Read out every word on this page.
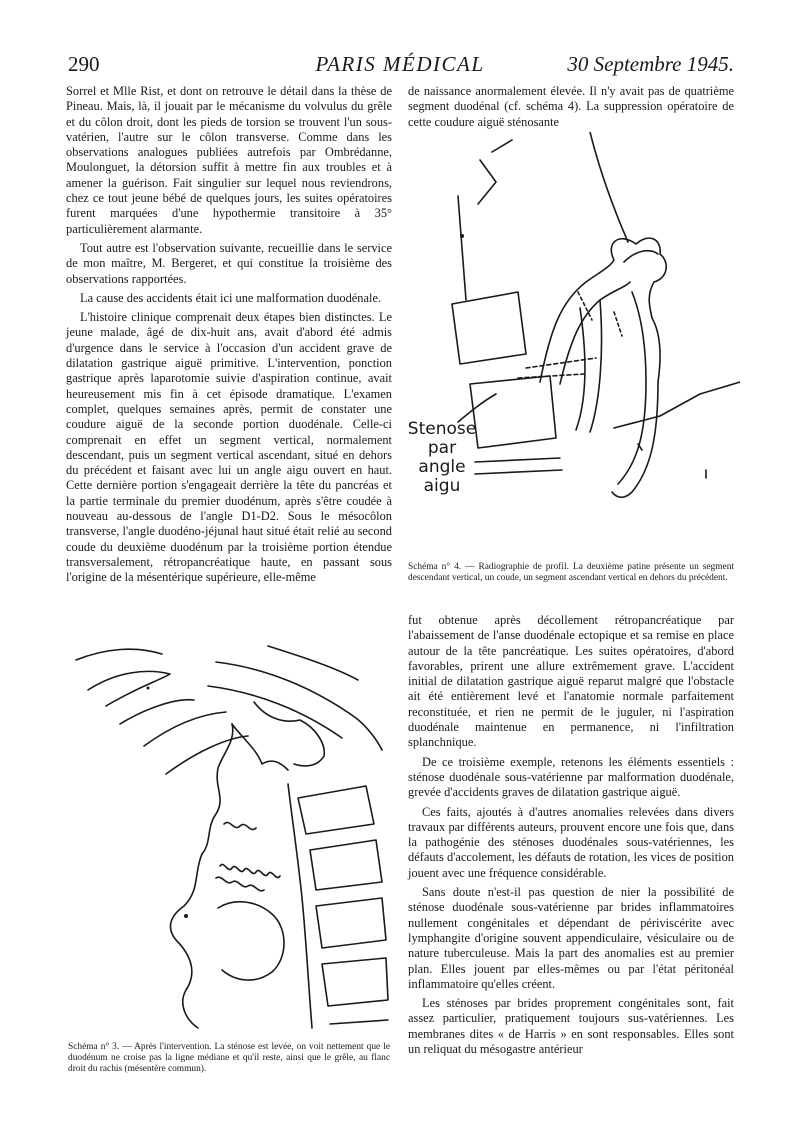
290	PARIS MÉDICAL	30 Septembre 1945.

Sorrel et Mlle Rist, et dont on retrouve le détail dans la thèse de Pineau. Mais, là, il jouait par le mécanisme du volvulus du grêle et du côlon droit, dont les pieds de torsion se trouvent l'un sous-vatérien, l'autre sur le côlon transverse. Comme dans les observations analogues publiées autrefois par Ombrédanne, Moulonguet, la détorsion suffit à mettre fin aux troubles et à amener la guérison. Fait singulier sur lequel nous reviendrons, chez ce tout jeune bébé de quelques jours, les suites opératoires furent marquées d'une hypothermie transitoire à 35° particulièrement alarmante.

Tout autre est l'observation suivante, recueillie dans le service de mon maître, M. Bergeret, et qui constitue la troisième des observations rapportées.

La cause des accidents était ici une malformation duodénale.

L'histoire clinique comprenait deux étapes bien distinctes. Le jeune malade, âgé de dix-huit ans, avait d'abord été admis d'urgence dans le service à l'occasion d'un accident grave de dilatation gastrique aiguë primitive. L'intervention, ponction gastrique après laparotomie suivie d'aspiration continue, avait heureusement mis fin à cet épisode dramatique. L'examen complet, quelques semaines après, permit de constater une coudure aiguë de la seconde portion duodénale. Celle-ci comprenait en effet un segment vertical, normalement descendant, puis un segment vertical ascendant, situé en dehors du précédent et faisant avec lui un angle aigu ouvert en haut. Cette dernière portion s'engageait derrière la tête du pancréas et la partie terminale du premier duodénum, après s'être coudée à nouveau au-dessous de l'angle D1-D2. Sous le mésocôlon transverse, l'angle duodéno-jéjunal haut situé était relié au second coude du deuxième duodénum par la troisième portion étendue transversalement, rétropancréatique haute, en passant sous l'origine de la mésentérique supérieure, elle-même

de naissance anormalement élevée. Il n'y avait pas de quatrième segment duodénal (cf. schéma 4). La suppression opératoire de cette coudure aiguë sténosante

Stenose
par angle
aigu
Schéma n° 4. — Radiographie de profil. La deuxième patine présente un segment descendant vertical, un coude, un segment ascendant vertical en dehors du précédent.

fut obtenue après décollement rétropancréatique par l'abaissement de l'anse duodénale ectopique et sa remise en place autour de la tête pancréatique. Les suites opératoires, d'abord favorables, prirent une allure extrêmement grave. L'accident initial de dilatation gastrique aiguë reparut malgré que l'obstacle ait été entièrement levé et l'anatomie normale parfaitement reconstituée, et rien ne permit de le juguler, ni l'aspiration duodénale maintenue en permanence, ni l'infiltration splanchnique.

De ce troisième exemple, retenons les éléments essentiels : sténose duodénale sous-vatérienne par malformation duodénale, grevée d'accidents graves de dilatation gastrique aiguë.

Ces faits, ajoutés à d'autres anomalies relevées dans divers travaux par différents auteurs, prouvent encore une fois que, dans la pathogénie des sténoses duodénales sous-vatériennes, les défauts d'accolement, les défauts de rotation, les vices de position jouent avec une fréquence considérable.

Sans doute n'est-il pas question de nier la possibilité de sténose duodénale sous-vatérienne par brides inflammatoires nullement congénitales et dépendant de périviscérite avec lymphangite d'origine souvent appendiculaire, vésiculaire ou de nature tuberculeuse. Mais la part des anomalies est au premier plan. Elles jouent par elles-mêmes ou par l'état péritonéal inflammatoire qu'elles créent.

Les sténoses par brides proprement congénitales sont, fait assez particulier, pratiquement toujours sus-vatériennes. Les membranes dites « de Harris » en sont responsables. Elles sont un reliquat du mésogastre antérieur

Schéma n° 3. — Après l'intervention. La sténose est levée, on voit nettement que le duodénum ne croise pas la ligne médiane et qu'il reste, ainsi que le grêle, au flanc droit du rachis (mésentère commun).
